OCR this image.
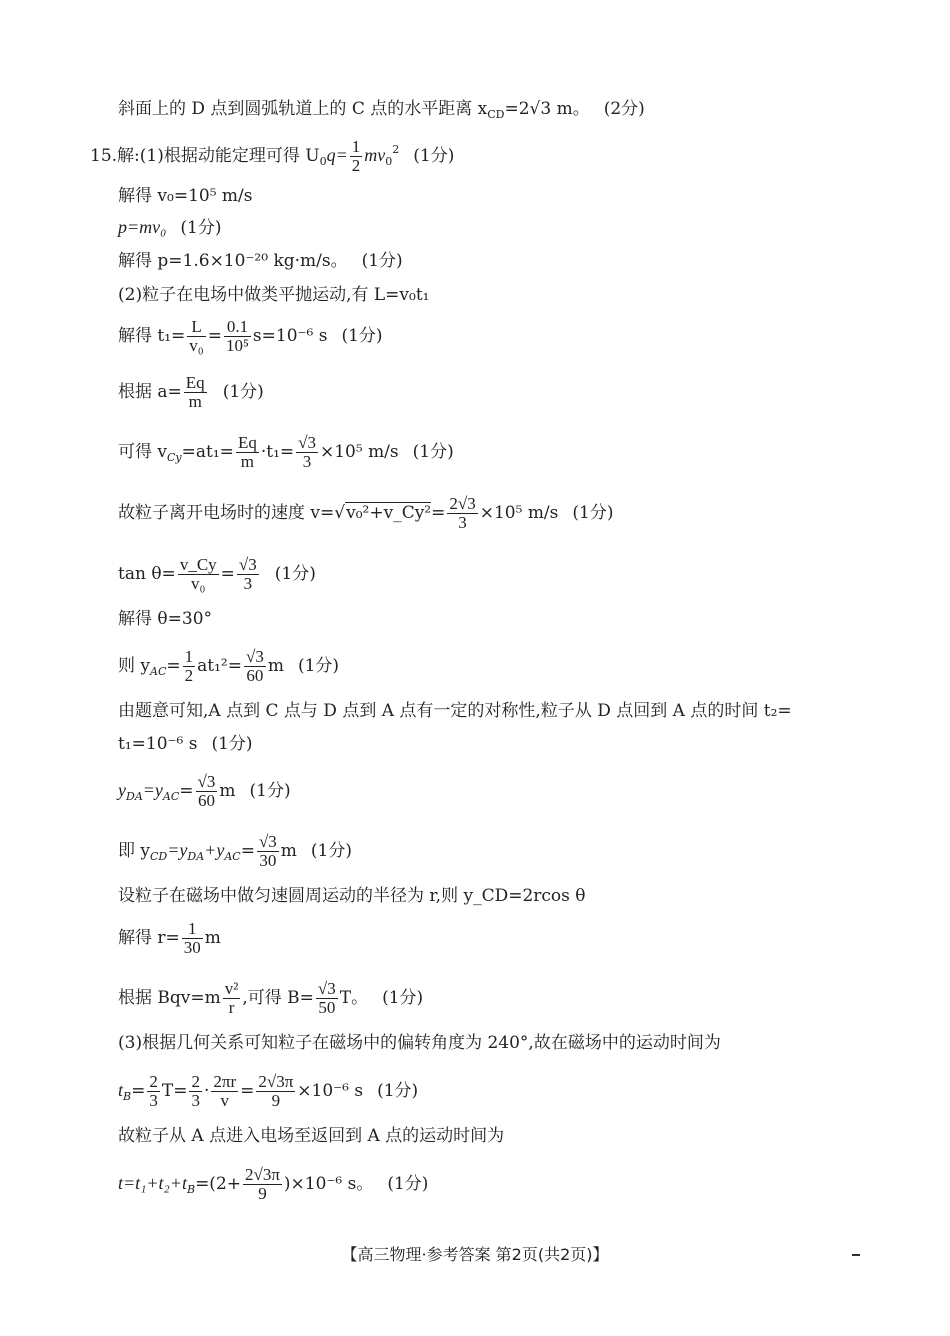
斜面上的 D 点到圆弧轨道上的 C 点的水平距离 $x_{CD}=2√3$ m。 (2分)
15.解:(1)根据动能定理可得 $U_0q= \frac{1}{2} mv_0^2$ (1分)
解得 v₀=10⁵ m/s
p=mv₀ (1分)
解得 p=1.6×10⁻²⁰ kg·m/s。 (1分)
(2)粒子在电场中做类平抛运动,有 L=v₀t₁
解得 $t_1= \frac{L}{\text{v₀}} = \frac{0.1}{\text{10⁵}} s=10^{-6}$ s (1分)
根据 $a= \frac{Eq}{m} (1$分)
可得 $v_{Cy}=at_1= \frac{Eq}{m} \cdot t_1= \frac{√3}{3} \times 10^5$ m/s (1分)
故粒子离开电场时的速度 v=√v₀²+v_Cy²= $\frac{2√3}{3} \times 10^5$ m/s (1分)
$\tan \theta= \frac{v\_Cy}{\text{v₀}} = \frac{√3}{3} (1$分)
解得 θ=30°
则 $y_{AC}= \frac{1}{2} at_1^2= \frac{√3}{60}$ m (1分)
由题意可知,A 点到 C 点与 D 点到 A 点有一定的对称性,粒子从 D 点回到 A 点的时间 t₂=
t₁=10⁻⁶ s (1分)
$y_{DA}=y_{AC}= \frac{√3}{60}$ m (1分)
即 $y_{CD}=y_{DA}+y_{AC}= \frac{√3}{30}$ m (1分)
设粒子在磁场中做匀速圆周运动的半径为 r,则 y_CD=2rcos θ
解得 $r= \frac{1}{30}$ m
根据 $Bqv=m \frac{\text{v²}}{r}$ ,可得 $B= \frac{√3}{50}$ T。 (1分)
(3)根据几何关系可知粒子在磁场中的偏转角度为 240°,故在磁场中的运动时间为
$t_B= \frac{2}{3} T= \frac{2}{3} \cdot \frac{2\pi r}{v} = \frac{2√3\pi}{9} \times 10^{-6}$ s (1分)
故粒子从 A 点进入电场至返回到 A 点的运动时间为
$t=t_1+t_2+t_B=(2+ \frac{2√3\pi}{9} )\times 10^{-6}$ s。 (1分)
【高三物理·参考答案 第2页(共2页)】
